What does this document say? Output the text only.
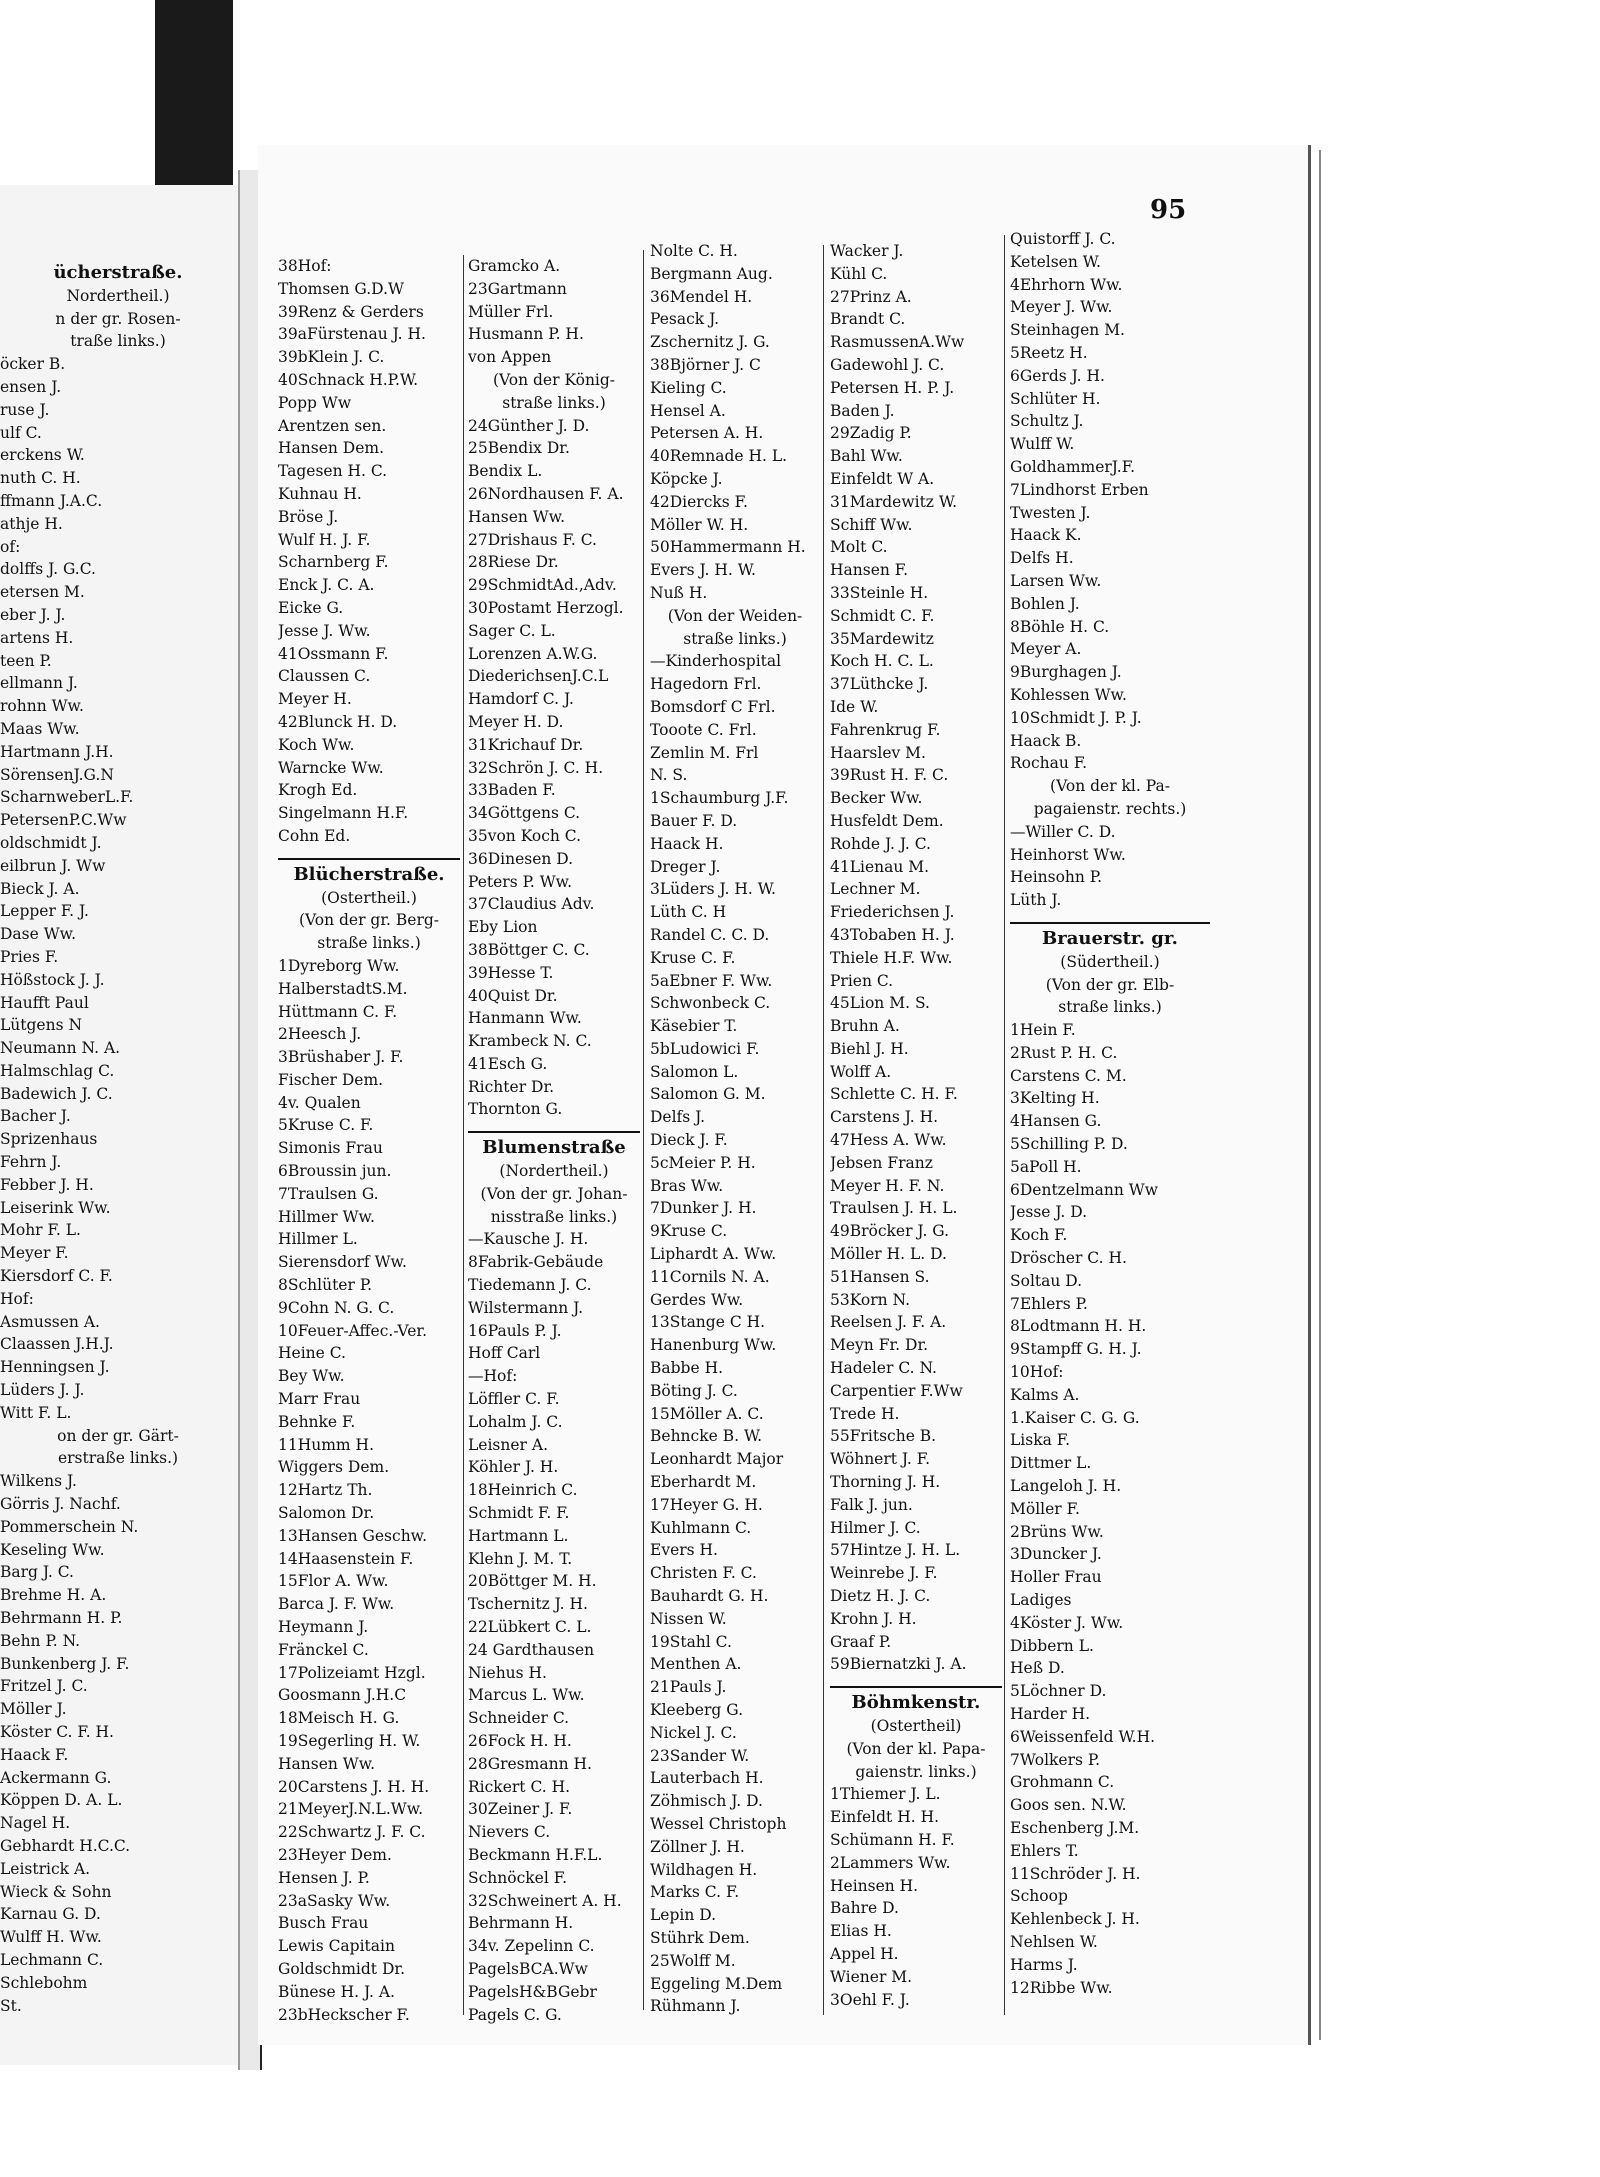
95
ücherstraße.
Nordertheil.)
n der gr. Rosen-
traße links.)
öcker B.
ensen J.
ruse J.
ulf C.
erckens W.
nuth C. H.
ffmann J.A.C.
athje H.
of:
dolffs J. G.C.
etersen M.
eber J. J.
artens H.
teen P.
ellmann J.
rohnn Ww.
Maas Ww.
Hartmann J.H.
SörensenJ.G.N
ScharnweberL.F.
PetersenP.C.Ww
oldschmidt J.
eilbrun J. Ww
Bieck J. A.
Lepper F. J.
Dase Ww.
Pries F.
Hößstock J. J.
Haufft Paul
Lütgens N
Neumann N. A.
Halmschlag C.
Badewich J. C.
Bacher J.
Sprizenhaus
Fehrn J.
Febber J. H.
Leiserink Ww.
Mohr F. L.
Meyer F.
Kiersdorf C. F.
Hof:
Asmussen A.
Claassen J.H.J.
Henningsen J.
Lüders J. J.
Witt F. L.
on der gr. Gärt-
erstraße links.)
Wilkens J.
Görris J. Nachf.
Pommerschein N.
Keseling Ww.
Barg J. C.
Brehme H. A.
Behrmann H. P.
Behn P. N.
Bunkenberg J. F.
Fritzel J. C.
Möller J.
Köster C. F. H.
Haack F.
Ackermann G.
Köppen D. A. L.
Nagel H.
Gebhardt H.C.C.
Leistrick A.
Wieck & Sohn
Karnau G. D.
Wulff H. Ww.
Lechmann C.
Schlebohm
St.
38Hof:
Thomsen G.D.W
39Renz & Gerders
39aFürstenau J. H.
39bKlein J. C.
40Schnack H.P.W.
Popp Ww
Arentzen sen.
Hansen Dem.
Tagesen H. C.
Kuhnau H.
Bröse J.
Wulf H. J. F.
Scharnberg F.
Enck J. C. A.
Eicke G.
Jesse J. Ww.
41Ossmann F.
Claussen C.
Meyer H.
42Blunck H. D.
Koch Ww.
Warncke Ww.
Krogh Ed.
Singelmann H.F.
Cohn Ed.
Blücherstraße.
(Ostertheil.)
(Von der gr. Berg-
straße links.)
1Dyreborg Ww.
HalberstadtS.M.
Hüttmann C. F.
2Heesch J.
3Brüshaber J. F.
Fischer Dem.
4v. Qualen
5Kruse C. F.
Simonis Frau
6Broussin jun.
7Traulsen G.
Hillmer Ww.
Hillmer L.
Sierensdorf Ww.
8Schlüter P.
9Cohn N. G. C.
10Feuer-Affec.-Ver.
Heine C.
Bey Ww.
Marr Frau
Behnke F.
11Humm H.
Wiggers Dem.
12Hartz Th.
Salomon Dr.
13Hansen Geschw.
14Haasenstein F.
15Flor A. Ww.
Barca J. F. Ww.
Heymann J.
Fränckel C.
17Polizeiamt Hzgl.
Goosmann J.H.C
18Meisch H. G.
19Segerling H. W.
Hansen Ww.
20Carstens J. H. H.
21MeyerJ.N.L.Ww.
22Schwartz J. F. C.
23Heyer Dem.
Hensen J. P.
23aSasky Ww.
Busch Frau
Lewis Capitain
Goldschmidt Dr.
Bünese H. J. A.
23bHeckscher F.
Gramcko A.
23Gartmann
Müller Frl.
Husmann P. H.
von Appen
(Von der König-
straße links.)
24Günther J. D.
25Bendix Dr.
Bendix L.
26Nordhausen F. A.
Hansen Ww.
27Drishaus F. C.
28Riese Dr.
29SchmidtAd.,Adv.
30Postamt Herzogl.
Sager C. L.
Lorenzen A.W.G.
DiederichsenJ.C.L
Hamdorf C. J.
Meyer H. D.
31Krichauf Dr.
32Schrön J. C. H.
33Baden F.
34Göttgens C.
35von Koch C.
36Dinesen D.
Peters P. Ww.
37Claudius Adv.
Eby Lion
38Böttger C. C.
39Hesse T.
40Quist Dr.
Hanmann Ww.
Krambeck N. C.
41Esch G.
Richter Dr.
Thornton G.
Blumenstraße
(Nordertheil.)
(Von der gr. Johan-
nisstraße links.)
—Kausche J. H.
8Fabrik-Gebäude
Tiedemann J. C.
Wilstermann J.
16Pauls P. J.
Hoff Carl
—Hof:
Löffler C. F.
Lohalm J. C.
Leisner A.
Köhler J. H.
18Heinrich C.
Schmidt F. F.
Hartmann L.
Klehn J. M. T.
20Böttger M. H.
Tschernitz J. H.
22Lübkert C. L.
24 Gardthausen
Niehus H.
Marcus L. Ww.
Schneider C.
26Fock H. H.
28Gresmann H.
Rickert C. H.
30Zeiner J. F.
Nievers C.
Beckmann H.F.L.
Schnöckel F.
32Schweinert A. H.
Behrmann H.
34v. Zepelinn C.
PagelsBCA.Ww
PagelsH&BGebr
Pagels C. G.
Nolte C. H.
Bergmann Aug.
36Mendel H.
Pesack J.
Zschernitz J. G.
38Björner J. C
Kieling C.
Hensel A.
Petersen A. H.
40Remnade H. L.
Köpcke J.
42Diercks F.
Möller W. H.
50Hammermann H.
Evers J. H. W.
Nuß H.
(Von der Weiden-
straße links.)
—Kinderhospital
Hagedorn Frl.
Bomsdorf C Frl.
Tooote C. Frl.
Zemlin M. Frl
N. S.
1Schaumburg J.F.
Bauer F. D.
Haack H.
Dreger J.
3Lüders J. H. W.
Lüth C. H
Randel C. C. D.
Kruse C. F.
5aEbner F. Ww.
Schwonbeck C.
Käsebier T.
5bLudowici F.
Salomon L.
Salomon G. M.
Delfs J.
Dieck J. F.
5cMeier P. H.
Bras Ww.
7Dunker J. H.
9Kruse C.
Liphardt A. Ww.
11Cornils N. A.
Gerdes Ww.
13Stange C H.
Hanenburg Ww.
Babbe H.
Böting J. C.
15Möller A. C.
Behncke B. W.
Leonhardt Major
Eberhardt M.
17Heyer G. H.
Kuhlmann C.
Evers H.
Christen F. C.
Bauhardt G. H.
Nissen W.
19Stahl C.
Menthen A.
21Pauls J.
Kleeberg G.
Nickel J. C.
23Sander W.
Lauterbach H.
Zöhmisch J. D.
Wessel Christoph
Zöllner J. H.
Wildhagen H.
Marks C. F.
Lepin D.
Stührk Dem.
25Wolff M.
Eggeling M.Dem
Rühmann J.
Wacker J.
Kühl C.
27Prinz A.
Brandt C.
RasmussenA.Ww
Gadewohl J. C.
Petersen H. P. J.
Baden J.
29Zadig P.
Bahl Ww.
Einfeldt W A.
31Mardewitz W.
Schiff Ww.
Molt C.
Hansen F.
33Steinle H.
Schmidt C. F.
35Mardewitz
Koch H. C. L.
37Lüthcke J.
Ide W.
Fahrenkrug F.
Haarslev M.
39Rust H. F. C.
Becker Ww.
Husfeldt Dem.
Rohde J. J. C.
41Lienau M.
Lechner M.
Friederichsen J.
43Tobaben H. J.
Thiele H.F. Ww.
Prien C.
45Lion M. S.
Bruhn A.
Biehl J. H.
Wolff A.
Schlette C. H. F.
Carstens J. H.
47Hess A. Ww.
Jebsen Franz
Meyer H. F. N.
Traulsen J. H. L.
49Bröcker J. G.
Möller H. L. D.
51Hansen S.
53Korn N.
Reelsen J. F. A.
Meyn Fr. Dr.
Hadeler C. N.
Carpentier F.Ww
Trede H.
55Fritsche B.
Wöhnert J. F.
Thorning J. H.
Falk J. jun.
Hilmer J. C.
57Hintze J. H. L.
Weinrebe J. F.
Dietz H. J. C.
Krohn J. H.
Graaf P.
59Biernatzki J. A.
Böhmkenstr.
(Ostertheil)
(Von der kl. Papa-
gaienstr. links.)
1Thiemer J. L.
Einfeldt H. H.
Schümann H. F.
2Lammers Ww.
Heinsen H.
Bahre D.
Elias H.
Appel H.
Wiener M.
3Oehl F. J.
Quistorff J. C.
Ketelsen W.
4Ehrhorn Ww.
Meyer J. Ww.
Steinhagen M.
5Reetz H.
6Gerds J. H.
Schlüter H.
Schultz J.
Wulff W.
GoldhammerJ.F.
7Lindhorst Erben
Twesten J.
Haack K.
Delfs H.
Larsen Ww.
Bohlen J.
8Böhle H. C.
Meyer A.
9Burghagen J.
Kohlessen Ww.
10Schmidt J. P. J.
Haack B.
Rochau F.
(Von der kl. Pa-
pagaienstr. rechts.)
—Willer C. D.
Heinhorst Ww.
Heinsohn P.
Lüth J.
Brauerstr. gr.
(Südertheil.)
(Von der gr. Elb-
straße links.)
1Hein F.
2Rust P. H. C.
Carstens C. M.
3Kelting H.
4Hansen G.
5Schilling P. D.
5aPoll H.
6Dentzelmann Ww
Jesse J. D.
Koch F.
Dröscher C. H.
Soltau D.
7Ehlers P.
8Lodtmann H. H.
9Stampff G. H. J.
10Hof:
Kalms A.
1.Kaiser C. G. G.
Liska F.
Dittmer L.
Langeloh J. H.
Möller F.
2Brüns Ww.
3Duncker J.
Holler Frau
Ladiges
4Köster J. Ww.
Dibbern L.
Heß D.
5Löchner D.
Harder H.
6Weissenfeld W.H.
7Wolkers P.
Grohmann C.
Goos sen. N.W.
Eschenberg J.M.
Ehlers T.
11Schröder J. H.
Schoop
Kehlenbeck J. H.
Nehlsen W.
Harms J.
12Ribbe Ww.
